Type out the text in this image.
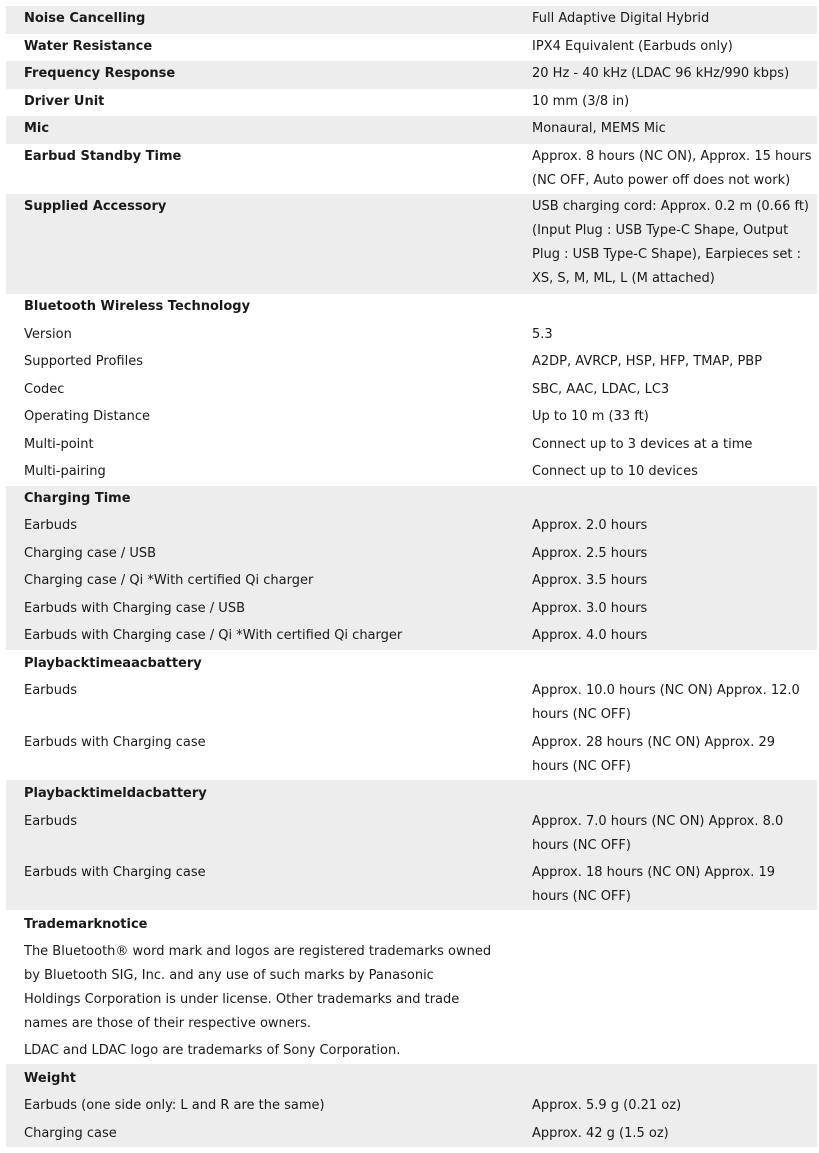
Noise Cancelling	Full Adaptive Digital Hybrid
Water Resistance	IPX4 Equivalent (Earbuds only)
Frequency Response	20 Hz - 40 kHz (LDAC 96 kHz/990 kbps)
Driver Unit	10 mm (3/8 in)
Mic	Monaural, MEMS Mic
Earbud Standby Time	Approx. 8 hours (NC ON), Approx. 15 hours (NC OFF, Auto power off does not work)
Supplied Accessory	USB charging cord: Approx. 0.2 m (0.66 ft) (Input Plug : USB Type-C Shape, Output Plug : USB Type-C Shape), Earpieces set : XS, S, M, ML, L (M attached)
Bluetooth Wireless Technology
Version	5.3
Supported Profiles	A2DP, AVRCP, HSP, HFP, TMAP, PBP
Codec	SBC, AAC, LDAC, LC3
Operating Distance	Up to 10 m (33 ft)
Multi-point	Connect up to 3 devices at a time
Multi-pairing	Connect up to 10 devices
Charging Time
Earbuds	Approx. 2.0 hours
Charging case / USB	Approx. 2.5 hours
Charging case / Qi *With certified Qi charger	Approx. 3.5 hours
Earbuds with Charging case / USB	Approx. 3.0 hours
Earbuds with Charging case / Qi *With certified Qi charger	Approx. 4.0 hours
Playbacktimeaacbattery
Earbuds	Approx. 10.0 hours (NC ON) Approx. 12.0 hours (NC OFF)
Earbuds with Charging case	Approx. 28 hours (NC ON) Approx. 29 hours (NC OFF)
Playbacktimeldacbattery
Earbuds	Approx. 7.0 hours (NC ON) Approx. 8.0 hours (NC OFF)
Earbuds with Charging case	Approx. 18 hours (NC ON) Approx. 19 hours (NC OFF)
Trademarknotice
The Bluetooth® word mark and logos are registered trademarks owned by Bluetooth SIG, Inc. and any use of such marks by Panasonic Holdings Corporation is under license. Other trademarks and trade names are those of their respective owners.
LDAC and LDAC logo are trademarks of Sony Corporation.
Weight
Earbuds (one side only: L and R are the same)	Approx. 5.9 g (0.21 oz)
Charging case	Approx. 42 g (1.5 oz)
